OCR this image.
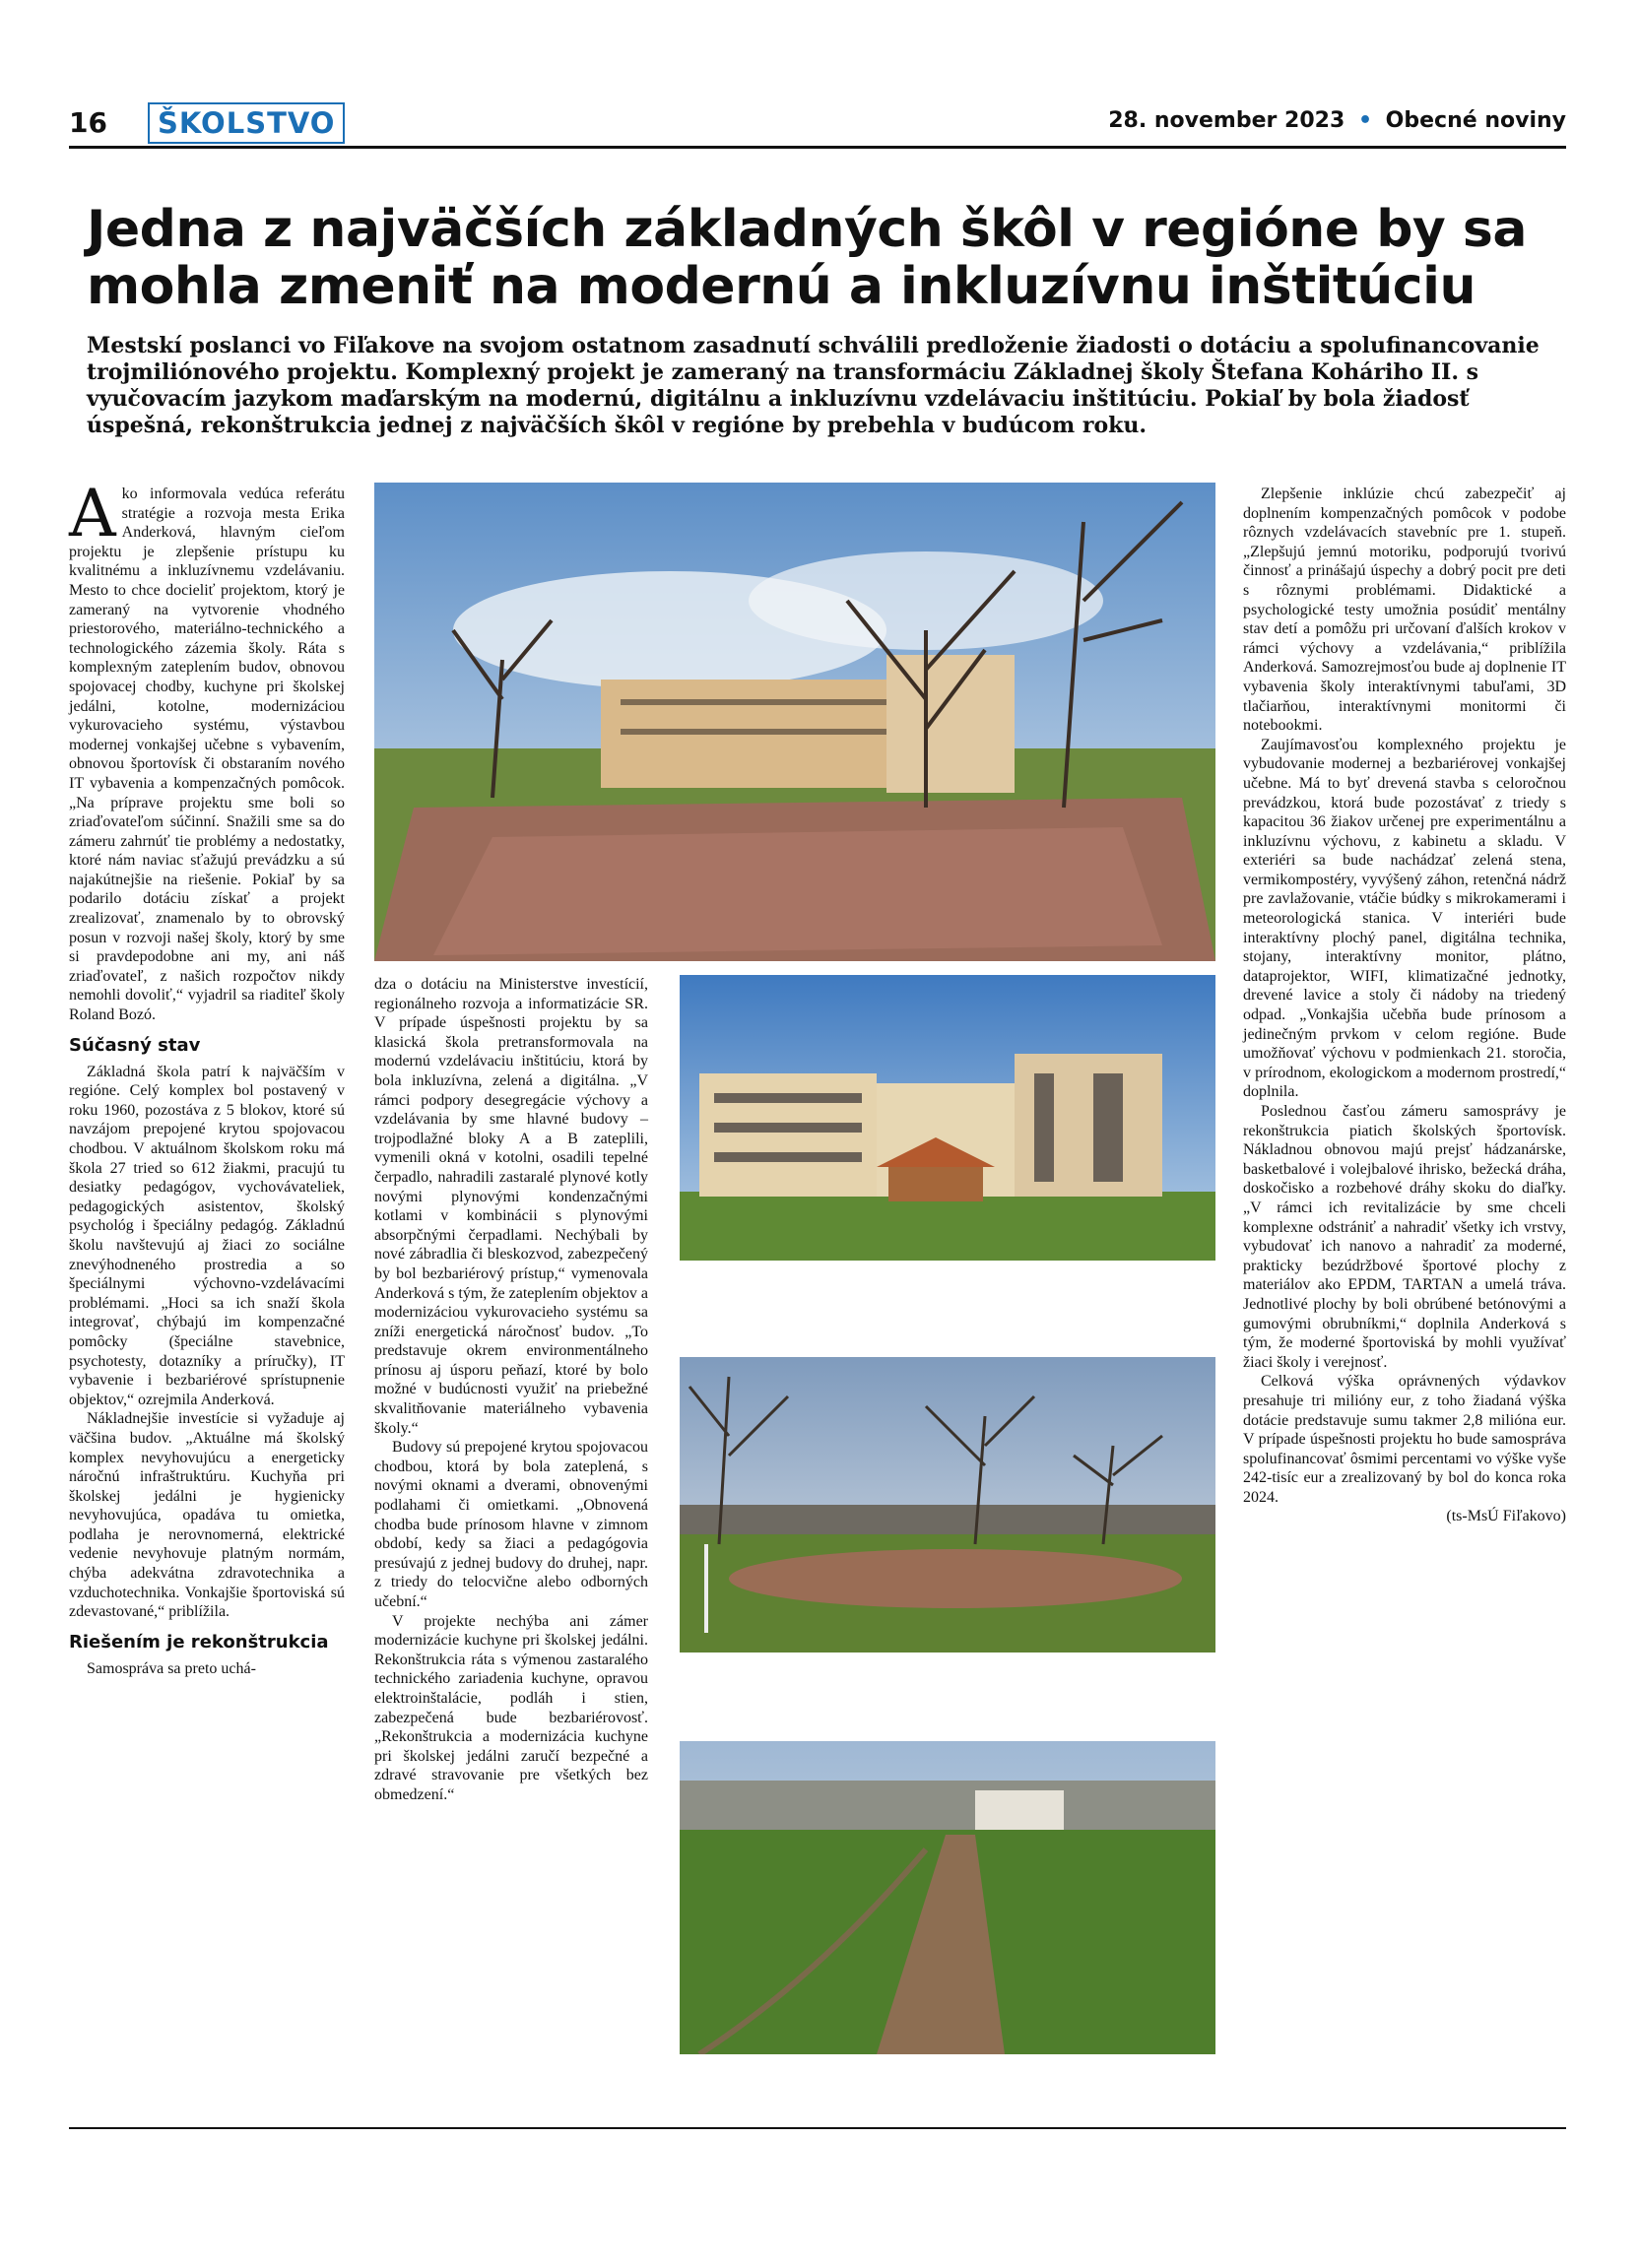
16	ŠKOLSTVO	28. november 2023 • Obecné noviny
Jedna z najväčších základných škôl v regióne by sa mohla zmeniť na modernú a inkluzívnu inštitúciu

Mestskí poslanci vo Fiľakove na svojom ostatnom zasadnutí schválili predloženie žiadosti o dotáciu a spolufinancovanie trojmiliónového projektu. Komplexný projekt je zameraný na transformáciu Základnej školy Štefana Koháriho II. s vyučovacím jazykom maďarským na modernú, digitálnu a inkluzívnu vzdelávaciu inštitúciu. Pokiaľ by bola žiadosť úspešná, rekonštrukcia jednej z najväčších škôl v regióne by prebehla v budúcom roku.

Ako informovala vedúca referátu stratégie a rozvoja mesta Erika Anderková, hlavným cieľom projektu je zlepšenie prístupu ku kvalitnému a inkluzívnemu vzdelávaniu. Mesto to chce docieliť projektom, ktorý je zameraný na vytvorenie vhodného priestorového, materiálno-technického a technologického zázemia školy. Ráta s komplexným zateplením budov, obnovou spojovacej chodby, kuchyne pri školskej jedálni, kotolne, modernizáciou vykurovacieho systému, výstavbou modernej vonkajšej učebne s vybavením, obnovou športovísk či obstaraním nového IT vybavenia a kompenzačných pomôcok. „Na príprave projektu sme boli so zriaďovateľom súčinní. Snažili sme sa do zámeru zahrnúť tie problémy a nedostatky, ktoré nám naviac sťažujú prevádzku a sú najakútnejšie na riešenie. Pokiaľ by sa podarilo dotáciu získať a projekt zrealizovať, znamenalo by to obrovský posun v rozvoji našej školy, ktorý by sme si pravdepodobne ani my, ani náš zriaďovateľ, z našich rozpočtov nikdy nemohli dovoliť,“ vyjadril sa riaditeľ školy Roland Bozó.

Súčasný stav

Základná škola patrí k najväčším v regióne. Celý komplex bol postavený v roku 1960, pozostáva z 5 blokov, ktoré sú navzájom prepojené krytou spojovacou chodbou. V aktuálnom školskom roku má škola 27 tried so 612 žiakmi, pracujú tu desiatky pedagógov, vychovávateliek, pedagogických asistentov, školský psychológ i špeciálny pedagóg. Základnú školu navštevujú aj žiaci zo sociálne znevýhodneného prostredia a so špeciálnymi výchovno-vzdelávacími problémami. „Hoci sa ich snaží škola integrovať, chýbajú im kompenzačné pomôcky (špeciálne stavebnice, psychotesty, dotazníky a príručky), IT vybavenie i bezbariérové sprístupnenie objektov,“ ozrejmila Anderková.

Nákladnejšie investície si vyžaduje aj väčšina budov. „Aktuálne má školský komplex nevyhovujúcu a energeticky náročnú infraštruktúru. Kuchyňa pri školskej jedálni je hygienicky nevyhovujúca, opadáva tu omietka, podlaha je nerovnomerná, elektrické vedenie nevyhovuje platným normám, chýba adekvátna zdravotechnika a vzduchotechnika. Vonkajšie športoviská sú zdevastované,“ priblížila.

Riešením je rekonštrukcia

Samospráva sa preto uchá-

dza o dotáciu na Ministerstve investícií, regionálneho rozvoja a informatizácie SR. V prípade úspešnosti projektu by sa klasická škola pretransformovala na modernú vzdelávaciu inštitúciu, ktorá by bola inkluzívna, zelená a digitálna. „V rámci podpory desegregácie výchovy a vzdelávania by sme hlavné budovy – trojpodlažné bloky A a B zateplili, vymenili okná v kotolni, osadili tepelné čerpadlo, nahradili zastaralé plynové kotly novými plynovými kondenzačnými kotlami v kombinácii s plynovými absorpčnými čerpadlami. Nechýbali by nové zábradlia či bleskozvod, zabezpečený by bol bezbariérový prístup,“ vymenovala Anderková s tým, že zateplením objektov a modernizáciou vykurovacieho systému sa zníži energetická náročnosť budov. „To predstavuje okrem environmentálneho prínosu aj úsporu peňazí, ktoré by bolo možné v budúcnosti využiť na priebežné skvalitňovanie materiálneho vybavenia školy.“

Budovy sú prepojené krytou spojovacou chodbou, ktorá by bola zateplená, s novými oknami a dverami, obnovenými podlahami či omietkami. „Obnovená chodba bude prínosom hlavne v zimnom období, kedy sa žiaci a pedagógovia presúvajú z jednej budovy do druhej, napr. z triedy do telocvične alebo odborných učební.“

V projekte nechýba ani zámer modernizácie kuchyne pri školskej jedálni. Rekonštrukcia ráta s výmenou zastaralého technického zariadenia kuchyne, opravou elektroinštalácie, podláh i stien, zabezpečená bude bezbariérovosť. „Rekonštrukcia a modernizácia kuchyne pri školskej jedálni zaručí bezpečné a zdravé stravovanie pre všetkých bez obmedzení.“

Zlepšenie inklúzie chcú zabezpečiť aj doplnením kompenzačných pomôcok v podobe rôznych vzdelávacích stavebníc pre 1. stupeň. „Zlepšujú jemnú motoriku, podporujú tvorivú činnosť a prinášajú úspechy a dobrý pocit pre deti s rôznymi problémami. Didaktické a psychologické testy umožnia posúdiť mentálny stav detí a pomôžu pri určovaní ďalších krokov v rámci výchovy a vzdelávania,“ priblížila Anderková. Samozrejmosťou bude aj doplnenie IT vybavenia školy interaktívnymi tabuľami, 3D tlačiarňou, interaktívnymi monitormi či notebookmi.

Zaujímavosťou komplexného projektu je vybudovanie modernej a bezbariérovej vonkajšej učebne. Má to byť drevená stavba s celoročnou prevádzkou, ktorá bude pozostávať z triedy s kapacitou 36 žiakov určenej pre experimentálnu a inkluzívnu výchovu, z kabinetu a skladu. V exteriéri sa bude nachádzať zelená stena, vermikompostéry, vyvýšený záhon, retenčná nádrž pre zavlažovanie, vtáčie búdky s mikrokamerami i meteorologická stanica. V interiéri bude interaktívny plochý panel, digitálna technika, stojany, interaktívny monitor, plátno, dataprojektor, WIFI, klimatizačné jednotky, drevené lavice a stoly či nádoby na triedený odpad. „Vonkajšia učebňa bude prínosom a jedinečným prvkom v celom regióne. Bude umožňovať výchovu v podmienkach 21. storočia, v prírodnom, ekologickom a modernom prostredí,“ doplnila.

Poslednou časťou zámeru samosprávy je rekonštrukcia piatich školských športovísk. Nákladnou obnovou majú prejsť hádzanárske, basketbalové i volejbalové ihrisko, bežecká dráha, doskočisko a rozbehové dráhy skoku do diaľky. „V rámci ich revitalizácie by sme chceli komplexne odstrániť a nahradiť všetky ich vrstvy, vybudovať ich nanovo a nahradiť za moderné, prakticky bezúdržbové športové plochy z materiálov ako EPDM, TARTAN a umelá tráva. Jednotlivé plochy by boli obrúbené betónovými a gumovými obrubníkmi,“ doplnila Anderková s tým, že moderné športoviská by mohli využívať žiaci školy i verejnosť.

Celková výška oprávnených výdavkov presahuje tri milióny eur, z toho žiadaná výška dotácie predstavuje sumu takmer 2,8 milióna eur. V prípade úspešnosti projektu ho bude samospráva spolufinancovať ôsmimi percentami vo výške vyše 242-tisíc eur a zrealizovaný by bol do konca roka 2024.

(ts-MsÚ Fiľakovo)
